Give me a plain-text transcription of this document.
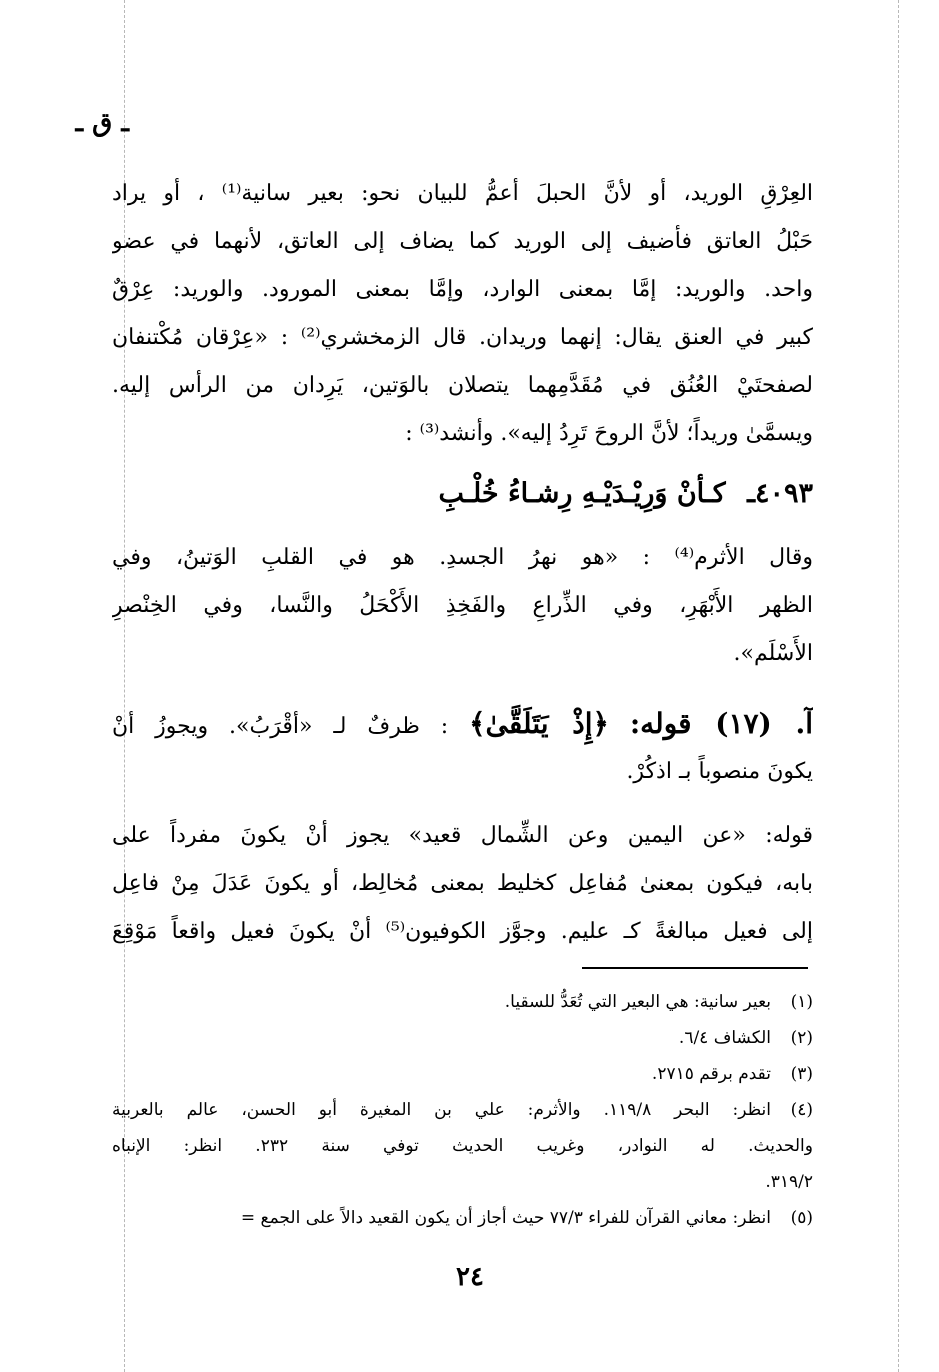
ـ ق ـ
العِرْقِ الوريد، أو لأنَّ الحبلَ أعمُّ للبيان نحو: بعير سانية⁽¹⁾ ، أو يراد
حَبْلُ العاتق فأضيف إلى الوريد كما يضاف إلى العاتق، لأنهما في عضو
واحد. والوريد: إمَّا بمعنى الوارد، وإمَّا بمعنى المورود. والوريد: عِرْقٌ
كبير في العنق يقال: إنهما وريدان. قال الزمخشري⁽²⁾ : «عِرْقان مُكْتنفان
لصفحتَيْ العُنُق في مُقَدَّمِهما يتصلان بالوَتين، يَرِدان من الرأس إليه.
ويسمَّىٰ وريداً؛ لأنَّ الروحَ تَرِدُ إليه». وأنشد⁽³⁾ :
٤٠٩٣ـ كـأنْ وَرِيْـدَيْـهِ رِشـاءُ خُلْـبِ
وقال الأثرم⁽⁴⁾ : «هو نهرُ الجسدِ. هو في القلبِ الوَتينُ، وفي
الظهر الأَبْهَرِ، وفي الذِّراعِ والفَخِذِ الأَكْحَلُ والنَّسا، وفي الخِنْصرِ
الأَسْلَم».
آ. (١٧) قوله: ﴿إِذْ يَتَلَقَّىٰ﴾ : ظرفٌ لـ «أقْرَبُ». ويجوزُ أنْ
يكونَ منصوباً بـ اذكُرْ.
قوله: «عن اليمين وعن الشِّمال قعيد» يجوز أنْ يكونَ مفرداً على
بابه، فيكون بمعنىٰ مُفاعِل كخليط بمعنى مُخالِط، أو يكونَ عَدَلَ مِنْ فاعِل
إلى فعيل مبالغةً كـ عليم. وجوَّز الكوفيون⁽⁵⁾ أنْ يكونَ فعيل واقعاً مَوْقِعَ
(١)
بعير سانية: هي البعير التي تُعَدُّ للسقيا.
(٢)
الكشاف ٦/٤.
(٣)
تقدم برقم ٢٧١٥.
(٤)
انظر: البحر ١١٩/٨. والأثرم: علي بن المغيرة أبو الحسن، عالم بالعربية
والحديث. له النوادر، وغريب الحديث توفي سنة ٢٣٢. انظر: الإنباه
٣١٩/٢.
(٥)
انظر: معاني القرآن للفراء ٧٧/٣ حيث أجاز أن يكون القعيد دالاً على الجمع =
٢٤
